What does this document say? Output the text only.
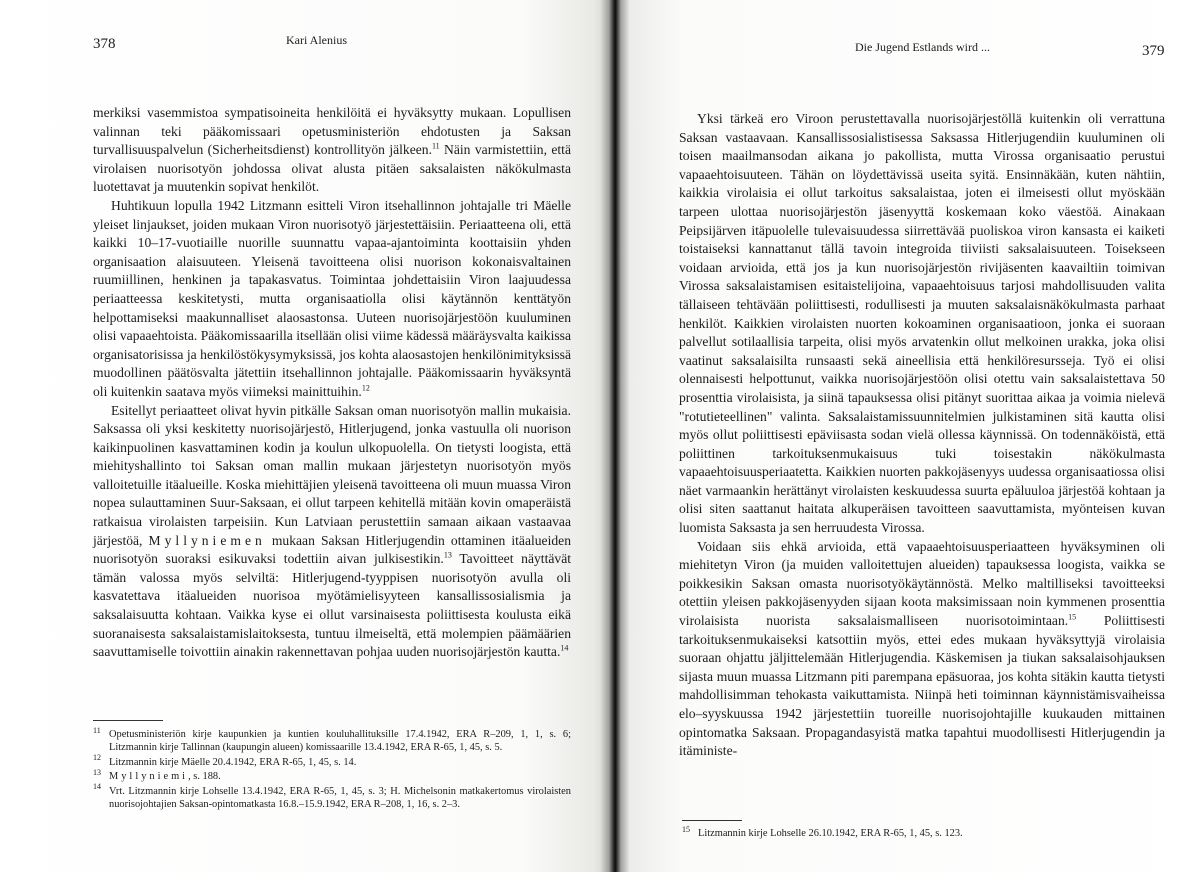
378	Kari Alenius

merkiksi vasemmistoa sympatisoineita henkilöitä ei hyväksytty mukaan. Lopullisen valinnan teki pääkomissaari opetusministeriön ehdotusten ja Saksan turvallisuuspalvelun (Sicherheitsdienst) kontrollityön jälkeen.$^{11}$ Näin varmistettiin, että virolaisen nuorisotyön johdossa olivat alusta pitäen saksalaisten näkökulmasta luotettavat ja muutenkin sopivat henkilöt.

Huhtikuun lopulla 1942 Litzmann esitteli Viron itsehallinnon johtajalle tri Mäelle yleiset linjaukset, joiden mukaan Viron nuorisotyö järjestettäisiin. Periaatteena oli, että kaikki 10–17-vuotiaille nuorille suunnattu vapaa-ajantoiminta koottaisiin yhden organisaation alaisuuteen. Yleisenä tavoitteena olisi nuorison kokonaisvaltainen ruumiillinen, henkinen ja tapakasvatus. Toimintaa johdettaisiin Viron laajuudessa periaatteessa keskitetysti, mutta organisaatiolla olisi käytännön kenttätyön helpottamiseksi maakunnalliset alaosastonsa. Uuteen nuorisojärjestöön kuuluminen olisi vapaaehtoista. Pääkomissaarilla itsellään olisi viime kädessä määräysvalta kaikissa organisatorisissa ja henkilöstökysymyksissä, jos kohta alaosastojen henkilönimityksissä muodollinen päätösvalta jätettiin itsehallinnon johtajalle. Pääkomissaarin hyväksyntä oli kuitenkin saatava myös viimeksi mainittuihin.$^{12}$

Esitellyt periaatteet olivat hyvin pitkälle Saksan oman nuorisotyön mallin mukaisia. Saksassa oli yksi keskitetty nuorisojärjestö, Hitlerjugend, jonka vastuulla oli nuorison kaikinpuolinen kasvattaminen kodin ja koulun ulkopuolella. On tietysti loogista, että miehityshallinto toi Saksan oman mallin mukaan järjestetyn nuorisotyön myös valloitetuille itäalueille. Koska miehittäjien yleisenä tavoitteena oli muun muassa Viron nopea sulauttaminen Suur-Saksaan, ei ollut tarpeen kehitellä mitään kovin omaperäistä ratkaisua virolaisten tarpeisiin. Kun Latviaan perustettiin samaan aikaan vastaavaa järjestöä, Myllyniemen mukaan Saksan Hitlerjugendin ottaminen itäalueiden nuorisotyön suoraksi esikuvaksi todettiin aivan julkisestikin.$^{13}$ Tavoitteet näyttävät tämän valossa myös selviltä: Hitlerjugend-tyyppisen nuorisotyön avulla oli kasvatettava itäalueiden nuorisoa myötämielisyyteen kansallissosialismia ja saksalaisuutta kohtaan. Vaikka kyse ei ollut varsinaisesta poliittisesta koulusta eikä suoranaisesta saksalaistamislaitoksesta, tuntuu ilmeiseltä, että molempien päämäärien saavuttamiselle toivottiin ainakin rakennettavan pohjaa uuden nuorisojärjestön kautta.$^{14}$

11 Opetusministeriön kirje kaupunkien ja kuntien kouluhallituksille 17.4.1942, ERA R–209, 1, 1, s. 6; Litzmannin kirje Tallinnan (kaupungin alueen) komissaarille 13.4.1942, ERA R-65, 1, 45, s. 5.

12 Litzmannin kirje Mäelle 20.4.1942, ERA R-65, 1, 45, s. 14.

13 Myllyniemi, s. 188.

14 Vrt. Litzmannin kirje Lohselle 13.4.1942, ERA R-65, 1, 45, s. 3; H. Michelsonin matkakertomus virolaisten nuorisojohtajien Saksan-opintomatkasta 16.8.–15.9.1942, ERA R–208, 1, 16, s. 2–3.

Die Jugend Estlands wird ...	379

Yksi tärkeä ero Viroon perustettavalla nuorisojärjestöllä kuitenkin oli verrattuna Saksan vastaavaan. Kansallissosialistisessa Saksassa Hitlerjugendiin kuuluminen oli toisen maailmansodan aikana jo pakollista, mutta Virossa organisaatio perustui vapaaehtoisuuteen. Tähän on löydettävissä useita syitä. Ensinnäkään, kuten nähtiin, kaikkia virolaisia ei ollut tarkoitus saksalaistaa, joten ei ilmeisesti ollut myöskään tarpeen ulottaa nuorisojärjestön jäsenyyttä koskemaan koko väestöä. Ainakaan Peipsijärven itäpuolelle tulevaisuudessa siirrettävää puoliskoa viron kansasta ei kaiketi toistaiseksi kannattanut tällä tavoin integroida tiiviisti saksalaisuuteen. Toisekseen voidaan arvioida, että jos ja kun nuorisojärjestön rivijäsenten kaavailtiin toimivan Virossa saksalaistamisen esitaistelijoina, vapaaehtoisuus tarjosi mahdollisuuden valita tällaiseen tehtävään poliittisesti, rodullisesti ja muuten saksalaisnäkökulmasta parhaat henkilöt. Kaikkien virolaisten nuorten kokoaminen organisaatioon, jonka ei suoraan palvellut sotilaallisia tarpeita, olisi myös arvatenkin ollut melkoinen urakka, joka olisi vaatinut saksalaisilta runsaasti sekä aineellisia että henkilöresursseja. Työ ei olisi olennaisesti helpottunut, vaikka nuorisojärjestöön olisi otettu vain saksalaistettava 50 prosenttia virolaisista, ja siinä tapauksessa olisi pitänyt suorittaa aikaa ja voimia nielevä "rotutieteellinen" valinta. Saksalaistamissuunnitelmien julkistaminen sitä kautta olisi myös ollut poliittisesti epäviisasta sodan vielä ollessa käynnissä. On todennäköistä, että poliittinen tarkoituksenmukaisuus tuki toisestakin näkökulmasta vapaaehtoisuusperiaatetta. Kaikkien nuorten pakkojäsenyys uudessa organisaatiossa olisi näet varmaankin herättänyt virolaisten keskuudessa suurta epäluuloa järjestöä kohtaan ja olisi siten saattanut haitata alkuperäisen tavoitteen saavuttamista, myönteisen kuvan luomista Saksasta ja sen herruudesta Virossa.

Voidaan siis ehkä arvioida, että vapaaehtoisuusperiaatteen hyväksyminen oli miehitetyn Viron (ja muiden valloitettujen alueiden) tapauksessa loogista, vaikka se poikkesikin Saksan omasta nuorisotyökäytännöstä. Melko maltilliseksi tavoitteeksi otettiin yleisen pakkojäsenyyden sijaan koota maksimissaan noin kymmenen prosenttia virolaisista nuorista saksalaismalliseen nuorisotoimintaan.$^{15}$ Poliittisesti tarkoituksenmukaiseksi katsottiin myös, ettei edes mukaan hyväksyttyjä virolaisia suoraan ohjattu jäljittelemään Hitlerjugendia. Käskemisen ja tiukan saksalaisohjauksen sijasta muun muassa Litzmann piti parempana epäsuoraa, jos kohta sitäkin kautta tietysti mahdollisimman tehokasta vaikuttamista. Niinpä heti toiminnan käynnistämisvaiheissa elo–syyskuussa 1942 järjestettiin tuoreille nuorisojohtajille kuukauden mittainen opintomatka Saksaan. Propagandasyistä matka tapahtui muodollisesti Hitlerjugendin ja itäministe-

15 Litzmannin kirje Lohselle 26.10.1942, ERA R-65, 1, 45, s. 123.
